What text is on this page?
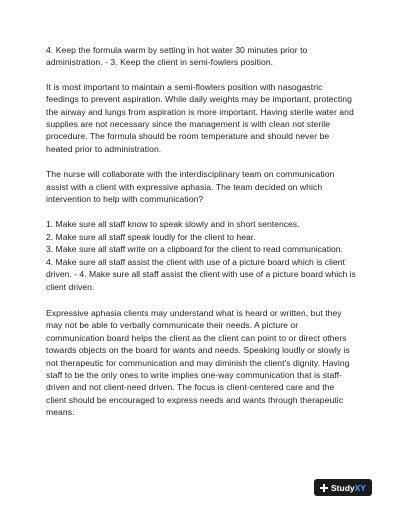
4. Keep the formula warm by setting in hot water 30 minutes prior to administration. - 3. Keep the client in semi-fowlers position.

It is most important to maintain a semi-flowlers position with nasogastric feedings to prevent aspiration. While daily weights may be important, protecting the airway and lungs from aspiration is more important. Having sterile water and supplies are not necessary since the management is with clean not sterile procedure. The formula should be room temperature and should never be heated prior to administration.

The nurse will collaborate with the interdisciplinary team on communication assist with a client with expressive aphasia. The team decided on which intervention to help with communication?

1. Make sure all staff know to speak slowly and in short sentences.
2. Make sure all staff speak loudly for the client to hear.
3. Make sure all staff write on a clipboard for the client to read communication.
4. Make sure all staff assist the client with use of a picture board which is client driven. - 4. Make sure all staff assist the client with use of a picture board which is client driven.

Expressive aphasia clients may understand what is heard or written, but they may not be able to verbally communicate their needs. A picture or communication board helps the client as the client can point to or direct others towards objects on the board for wants and needs. Speaking loudly or slowly is not therapeutic for communication and may diminish the client's dignity. Having staff to be the only ones to write implies one-way communication that is staff-driven and not client-need driven. The focus is client-centered care and the client should be encouraged to express needs and wants through therapeutic means.

StudyXY
